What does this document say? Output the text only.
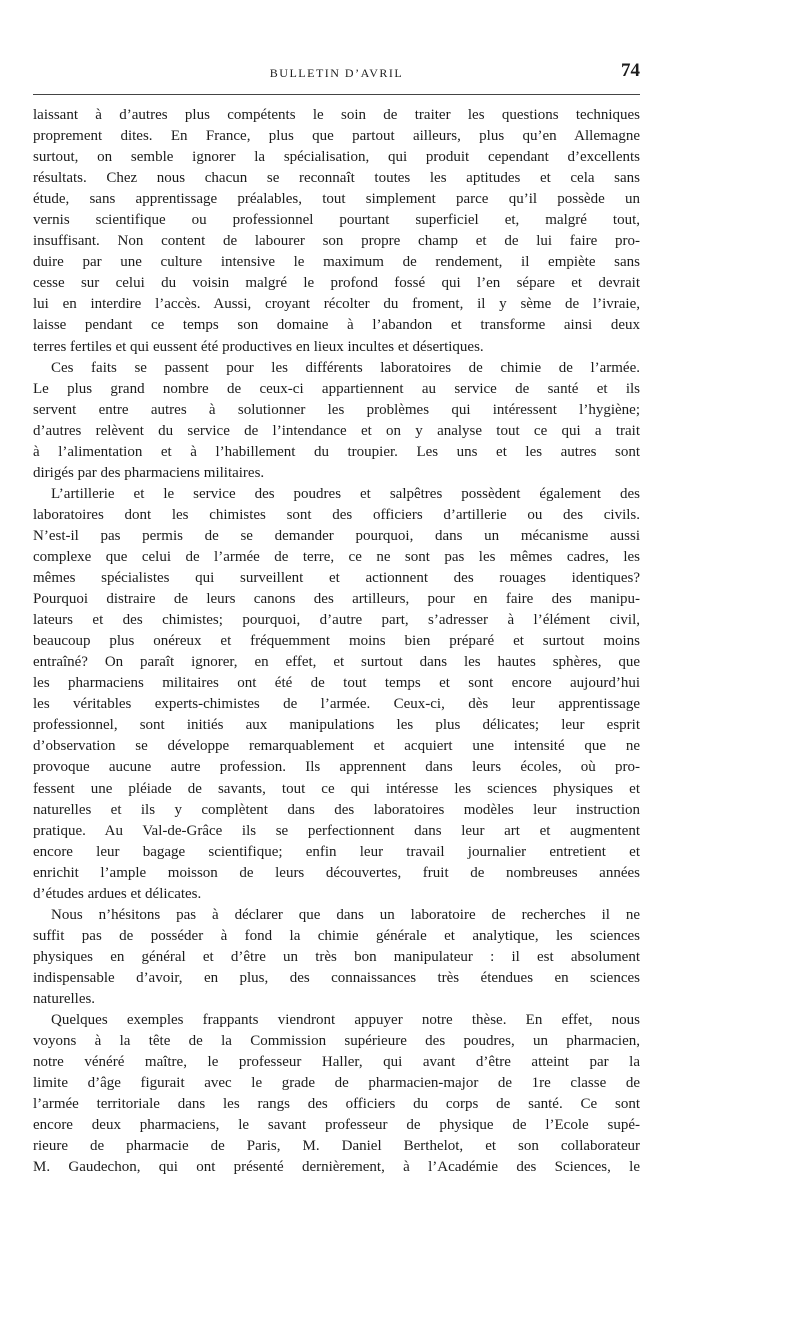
BULLETIN D’AVRIL	74
laissant à d’autres plus compétents le soin de traiter les questions techniques
proprement dites. En France, plus que partout ailleurs, plus qu’en Allemagne
surtout, on semble ignorer la spécialisation, qui produit cependant d’excellents
résultats. Chez nous chacun se reconnaît toutes les aptitudes et cela sans
étude, sans apprentissage préalables, tout simplement parce qu’il possède un
vernis scientifique ou professionnel pourtant superficiel et, malgré tout,
insuffisant. Non content de labourer son propre champ et de lui faire pro-
duire par une culture intensive le maximum de rendement, il empiète sans
cesse sur celui du voisin malgré le profond fossé qui l’en sépare et devrait
lui en interdire l’accès. Aussi, croyant récolter du froment, il y sème de l’ivraie,
laisse pendant ce temps son domaine à l’abandon et transforme ainsi deux
terres fertiles et qui eussent été productives en lieux incultes et désertiques.
Ces faits se passent pour les différents laboratoires de chimie de l’armée.
Le plus grand nombre de ceux-ci appartiennent au service de santé et ils
servent entre autres à solutionner les problèmes qui intéressent l’hygiène;
d’autres relèvent du service de l’intendance et on y analyse tout ce qui a trait
à l’alimentation et à l’habillement du troupier. Les uns et les autres sont
dirigés par des pharmaciens militaires.
L’artillerie et le service des poudres et salpêtres possèdent également des
laboratoires dont les chimistes sont des officiers d’artillerie ou des civils.
N’est-il pas permis de se demander pourquoi, dans un mécanisme aussi
complexe que celui de l’armée de terre, ce ne sont pas les mêmes cadres, les
mêmes spécialistes qui surveillent et actionnent des rouages identiques?
Pourquoi distraire de leurs canons des artilleurs, pour en faire des manipu-
lateurs et des chimistes; pourquoi, d’autre part, s’adresser à l’élément civil,
beaucoup plus onéreux et fréquemment moins bien préparé et surtout moins
entraîné? On paraît ignorer, en effet, et surtout dans les hautes sphères, que
les pharmaciens militaires ont été de tout temps et sont encore aujourd’hui
les véritables experts-chimistes de l’armée. Ceux-ci, dès leur apprentissage
professionnel, sont initiés aux manipulations les plus délicates; leur esprit
d’observation se développe remarquablement et acquiert une intensité que ne
provoque aucune autre profession. Ils apprennent dans leurs écoles, où pro-
fessent une pléiade de savants, tout ce qui intéresse les sciences physiques et
naturelles et ils y complètent dans des laboratoires modèles leur instruction
pratique. Au Val-de-Grâce ils se perfectionnent dans leur art et augmentent
encore leur bagage scientifique; enfin leur travail journalier entretient et
enrichit l’ample moisson de leurs découvertes, fruit de nombreuses années
d’études ardues et délicates.
Nous n’hésitons pas à déclarer que dans un laboratoire de recherches il ne
suffit pas de posséder à fond la chimie générale et analytique, les sciences
physiques en général et d’être un très bon manipulateur : il est absolument
indispensable d’avoir, en plus, des connaissances très étendues en sciences
naturelles.
Quelques exemples frappants viendront appuyer notre thèse. En effet, nous
voyons à la tête de la Commission supérieure des poudres, un pharmacien,
notre vénéré maître, le professeur Haller, qui avant d’être atteint par la
limite d’âge figurait avec le grade de pharmacien-major de 1re classe de
l’armée territoriale dans les rangs des officiers du corps de santé. Ce sont
encore deux pharmaciens, le savant professeur de physique de l’Ecole supé-
rieure de pharmacie de Paris, M. Daniel Berthelot, et son collaborateur
M. Gaudechon, qui ont présenté dernièrement, à l’Académie des Sciences, le
